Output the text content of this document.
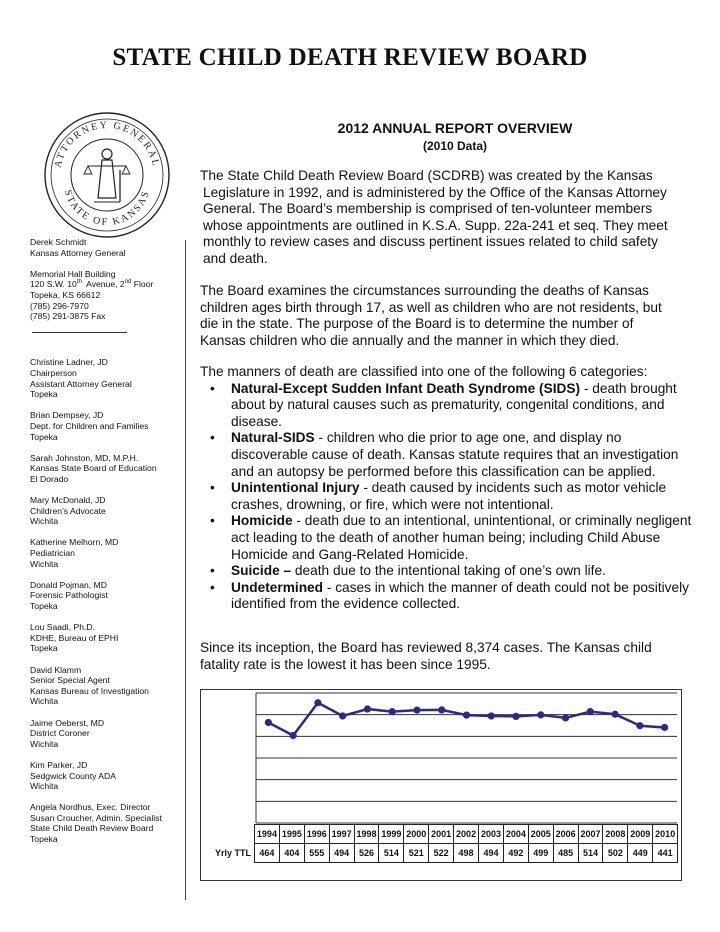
STATE CHILD DEATH REVIEW BOARD
ATTORNEY GENERAL
STATE OF KANSAS
Derek Schmidt
Kansas Attorney General
Memorial Hall Building
120 S.W. 10th  Avenue, 2nd Floor
Topeka, KS 66612
(785) 296-7970
(785) 291-3875 Fax
Christine Ladner, JD
Chairperson
Assistant Attorney General
Topeka
Brian Dempsey, JD
Dept. for Children and Families
Topeka
Sarah Johnston, MD, M.P.H.
Kansas State Board of Education
El Dorado
Mary McDonald, JD
Children’s Advocate
Wichita
Katherine Melhorn, MD
Pediatrician
Wichita
Donald Pojman, MD
Forensic Pathologist
Topeka
Lou Saadi, Ph.D.
KDHE, Bureau of EPHI
Topeka
David Klamm
Senior Special Agent
Kansas Bureau of Investigation
Wichita
Jaime Oeberst, MD
District Coroner
Wichita
Kim Parker, JD
Sedgwick County ADA
Wichita
Angela Nordhus, Exec. Director
Susan Croucher, Admin. Specialist
State Child Death Review Board
Topeka
2012 ANNUAL REPORT OVERVIEW
(2010 Data)
The State Child Death Review Board (SCDRB) was created by the Kansas
Legislature in 1992, and is administered by the Office of the Kansas Attorney
General. The Board’s membership is comprised of ten-volunteer members
whose appointments are outlined in K.S.A. Supp. 22a-241 et seq. They meet
monthly to review cases and discuss pertinent issues related to child safety
and death.
The Board examines the circumstances surrounding the deaths of Kansas
children ages birth through 17, as well as children who are not residents, but
die in the state. The purpose of the Board is to determine the number of
Kansas children who die annually and the manner in which they died.
The manners of death are classified into one of the following 6 categories:
• Natural-Except Sudden Infant Death Syndrome (SIDS) - death brought about by natural causes such as prematurity, congenital conditions, and disease.
• Natural-SIDS - children who die prior to age one, and display no discoverable cause of death. Kansas statute requires that an investigation and an autopsy be performed before this classification can be applied.
• Unintentional Injury - death caused by incidents such as motor vehicle crashes, drowning, or fire, which were not intentional.
• Homicide - death due to an intentional, unintentional, or criminally negligent act leading to the death of another human being; including Child Abuse Homicide and Gang-Related Homicide.
• Suicide – death due to the intentional taking of one’s own life.
• Undetermined - cases in which the manner of death could not be positively identified from the evidence collected.
Since its inception, the Board has reviewed 8,374 cases. The Kansas child
fatality rate is the lowest it has been since 1995.
	1994	1995	1996	1997	1998	1999	2000	2001	2002	2003	2004	2005	2006	2007	2008	2009	2010
Yrly TTL	464	404	555	494	526	514	521	522	498	494	492	499	485	514	502	449	441
